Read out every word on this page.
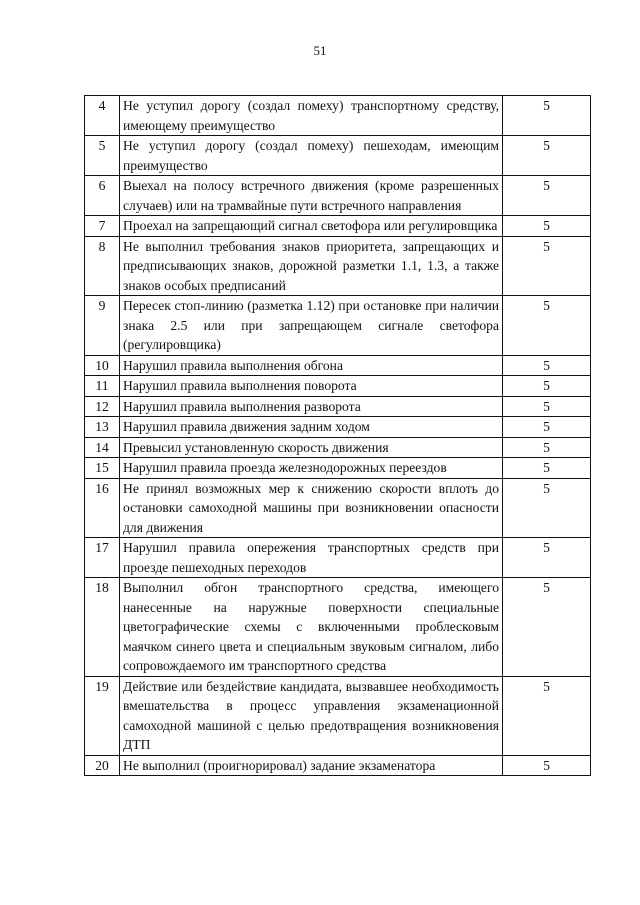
51
4	Не уступил дорогу (создал помеху) транспортному средству, имеющему преимущество	5
5	Не уступил дорогу (создал помеху) пешеходам, имеющим преимущество	5
6	Выехал на полосу встречного движения (кроме разрешенных случаев) или на трамвайные пути встречного направления	5
7	Проехал на запрещающий сигнал светофора или регулировщика	5
8	Не выполнил требования знаков приоритета, запрещающих и предписывающих знаков, дорожной разметки 1.1, 1.3, а также знаков особых предписаний	5
9	Пересек стоп-линию (разметка 1.12) при остановке при наличии знака 2.5 или при запрещающем сигнале светофора (регулировщика)	5
10	Нарушил правила выполнения обгона	5
11	Нарушил правила выполнения поворота	5
12	Нарушил правила выполнения разворота	5
13	Нарушил правила движения задним ходом	5
14	Превысил установленную скорость движения	5
15	Нарушил правила проезда железнодорожных переездов	5
16	Не принял возможных мер к снижению скорости вплоть до остановки самоходной машины при возникновении опасности для движения	5
17	Нарушил правила опережения транспортных средств при проезде пешеходных переходов	5
18	Выполнил обгон транспортного средства, имеющего нанесенные на наружные поверхности специальные цветографические схемы с включенными проблесковым маячком синего цвета и специальным звуковым сигналом, либо сопровождаемого им транспортного средства	5
19	Действие или бездействие кандидата, вызвавшее необходимость вмешательства в процесс управления экзаменационной самоходной машиной с целью предотвращения возникновения ДТП	5
20	Не выполнил (проигнорировал) задание экзаменатора	5
